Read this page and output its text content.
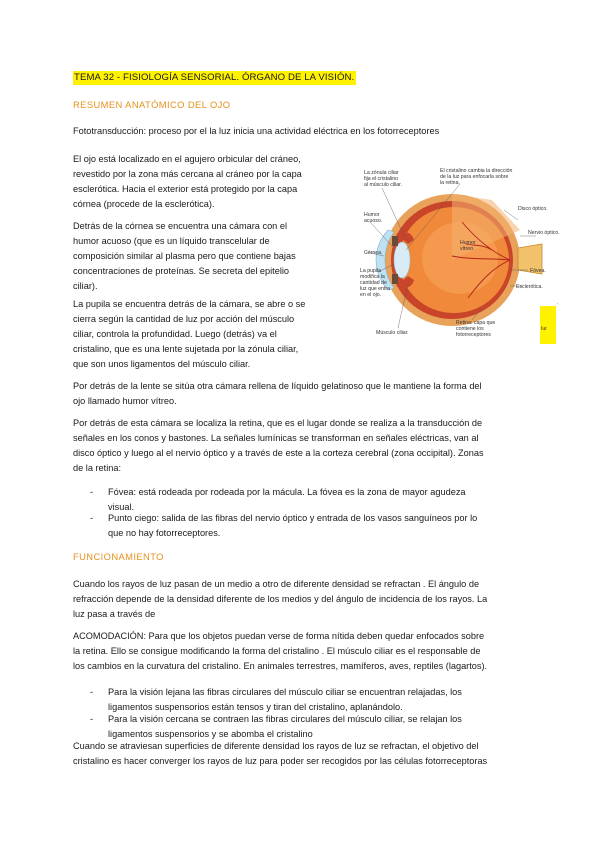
TEMA 32 - FISIOLOGÍA SENSORIAL. ÓRGANO DE LA VISIÓN.
RESUMEN ANATÓMICO DEL OJO

Fototransducción: proceso por el la luz inicia una actividad eléctrica en los fotorreceptores

El ojo está localizado en el agujero orbicular del cráneo,
revestido por la zona más cercana al cráneo por la capa
esclerótica. Hacia el exterior está protegido por la capa
córnea (procede de la esclerótica).

Detrás de la córnea se encuentra una cámara con el
humor acuoso (que es un líquido transcelular de
composición similar al plasma pero que contiene bajas
concentraciones de proteínas. Se secreta del epitelio
ciliar).

La pupila se encuentra detrás de la cámara, se abre o se
cierra según la cantidad de luz por acción del músculo
ciliar, controla la profundidad. Luego (detrás) va el
cristalino, que es una lente sujetada por la zónula ciliar,
que son unos ligamentos del músculo ciliar.

La zónula ciliar
fija el cristalino
al músculo ciliar.
El cristalino cambia la dirección
de la luz para enfocarla sobre
la retina.
Humor
acuoso.
Córnea.
La pupila
modifica la
cantidad de
luz que entra
en el ojo.
Humor
vítreo.
Disco óptico.
Nervio óptico.
Fóvea.
Esclerótica.
Músculo ciliar.
Retina: capa que
contiene los
fotorreceptores
Iur
.

Por detrás de la lente se sitúa otra cámara rellena de líquido gelatinoso que le mantiene la forma del
ojo llamado humor vítreo.

Por detrás de esta cámara se localiza la retina, que es el lugar donde se realiza a la transducción de
señales en los conos y bastones. La señales lumínicas se transforman en señales eléctricas, van al
disco óptico y luego al el nervio óptico y a través de este a la corteza cerebral (zona occipital). Zonas
de la retina:

- Fóvea: está rodeada por rodeada por la mácula. La fóvea es la zona de mayor agudeza
visual.
- Punto ciego: salida de las fibras del nervio óptico y entrada de los vasos sanguíneos por lo
que no hay fotorreceptores.
FUNCIONAMIENTO

Cuando los rayos de luz pasan de un medio a otro de diferente densidad se refractan . El ángulo de
refracción depende de la densidad diferente de los medios y del ángulo de incidencia de los rayos. La
luz pasa a través de

ACOMODACIÓN: Para que los objetos puedan verse de forma nítida deben quedar enfocados sobre
la retina. Ello se consigue modificando la forma del cristalino . El músculo ciliar es el responsable de
los cambios en la curvatura del cristalino. En animales terrestres, mamíferos, aves, reptiles (lagartos).

- Para la visión lejana las fibras circulares del músculo ciliar se encuentran relajadas, los
ligamentos suspensorios están tensos y tiran del cristalino, aplanándolo.
- Para la visión cercana se contraen las fibras circulares del músculo ciliar, se relajan los
ligamentos suspensorios y se abomba el cristalino

Cuando se atraviesan superficies de diferente densidad los rayos de luz se refractan, el objetivo del
cristalino es hacer converger los rayos de luz para poder ser recogidos por las células fotorreceptoras
